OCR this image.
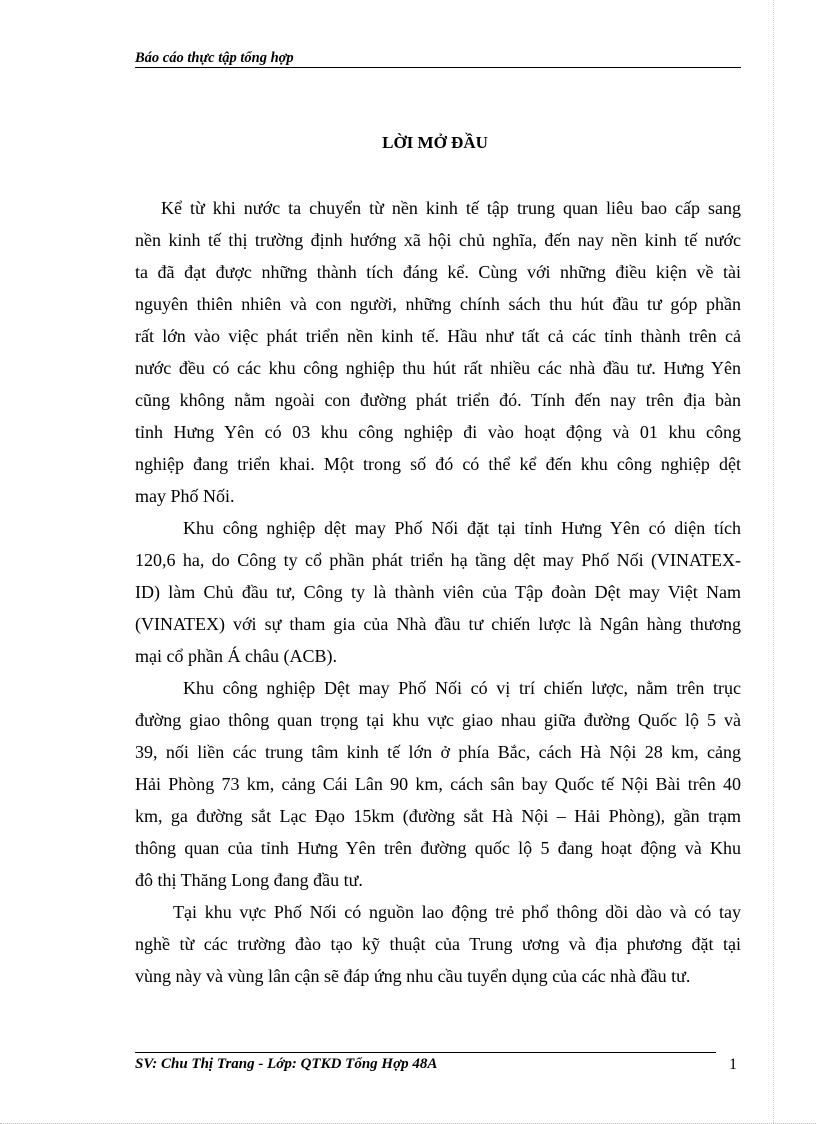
Báo cáo thực tập tổng hợp
LỜI MỞ ĐẦU
Kể từ khi nước ta chuyển từ nền kinh tế tập trung quan liêu bao cấp sang
nền kinh tế thị trường định hướng xã hội chủ nghĩa, đến nay nền kinh tế nước
ta đã đạt được những thành tích đáng kể. Cùng với những điều kiện về tài
nguyên thiên nhiên và con người, những chính sách thu hút đầu tư góp phần
rất lớn vào việc phát triển nền kinh tế. Hầu như tất cả các tỉnh thành trên cả
nước đều có các khu công nghiệp thu hút rất nhiều các nhà đầu tư. Hưng Yên
cũng không nằm ngoài con đường phát triển đó. Tính đến nay trên địa bàn
tỉnh Hưng Yên có 03 khu công nghiệp đi vào hoạt động và 01 khu công
nghiệp đang triển khai. Một trong số đó có thể kể đến khu công nghiệp dệt
may Phố Nối.
Khu công nghiệp dệt may Phố Nối đặt tại tỉnh Hưng Yên có diện tích
120,6 ha, do Công ty cổ phần phát triển hạ tầng dệt may Phố Nối (VINATEX-
ID) làm Chủ đầu tư, Công ty là thành viên của Tập đoàn Dệt may Việt Nam
(VINATEX) với sự tham gia của Nhà đầu tư chiến lược là Ngân hàng thương
mại cổ phần Á châu (ACB).
Khu công nghiệp Dệt may Phố Nối có vị trí chiến lược, nằm trên trục
đường giao thông quan trọng tại khu vực giao nhau giữa đường Quốc lộ 5 và
39, nối liền các trung tâm kinh tế lớn ở phía Bắc, cách Hà Nội 28 km, cảng
Hải Phòng 73 km, cảng Cái Lân 90 km, cách sân bay Quốc tế Nội Bài trên 40
km, ga đường sắt Lạc Đạo 15km (đường sắt Hà Nội – Hải Phòng), gần trạm
thông quan của tỉnh Hưng Yên trên đường quốc lộ 5 đang hoạt động và Khu
đô thị Thăng Long đang đầu tư.
Tại khu vực Phố Nối có nguồn lao động trẻ phổ thông dồi dào và có tay
nghề từ các trường đào tạo kỹ thuật của Trung ương và địa phương đặt tại
vùng này và vùng lân cận sẽ đáp ứng nhu cầu tuyển dụng của các nhà đầu tư.
SV: Chu Thị Trang - Lớp: QTKD Tổng Hợp 48A	1
